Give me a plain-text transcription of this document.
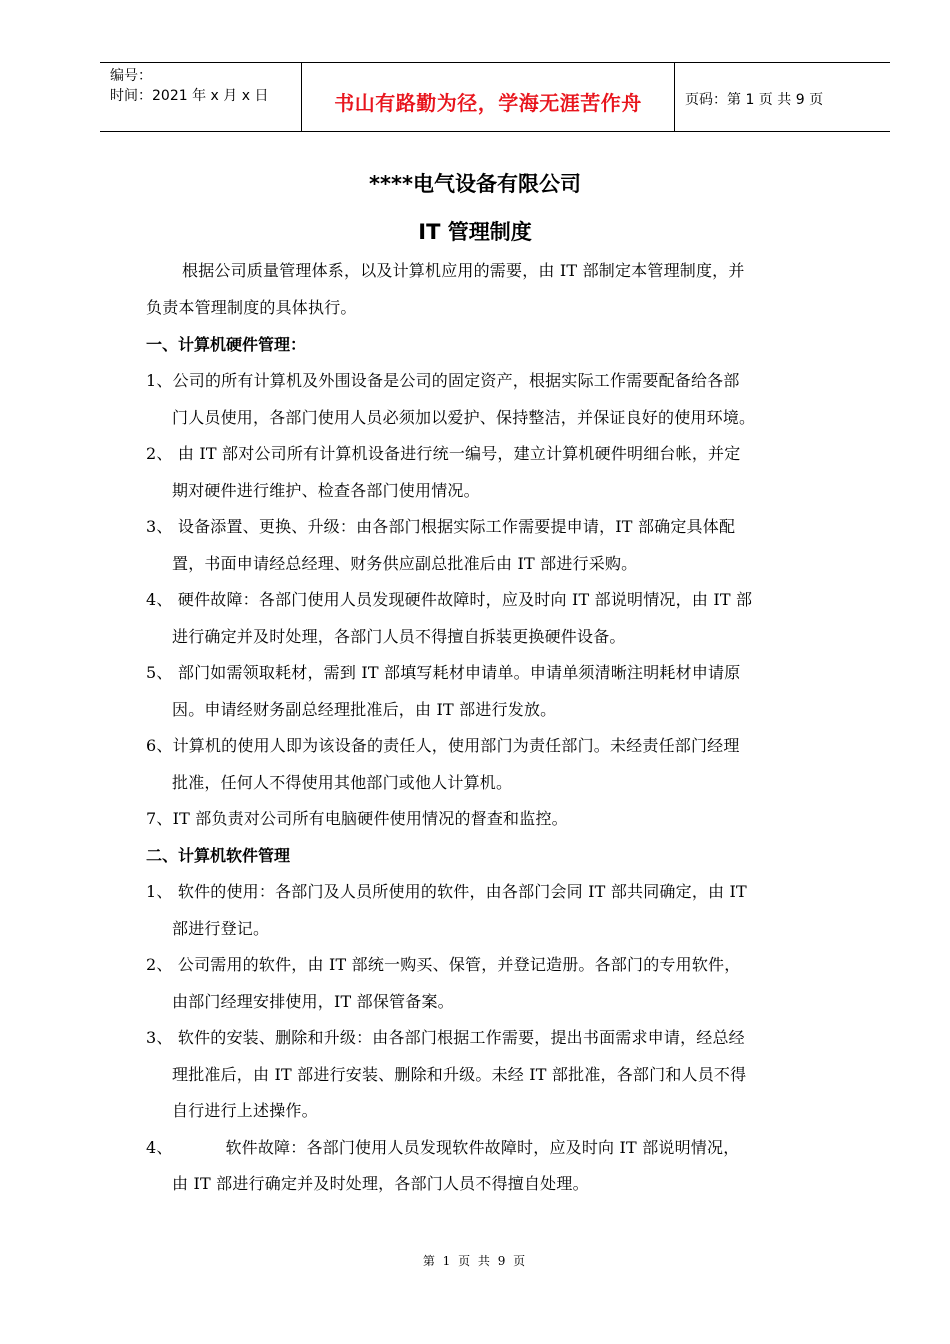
编号：
时间：2021 年 x 月 x 日	书山有路勤为径，学海无涯苦作舟	页码：第 1 页 共 9 页
****电气设备有限公司
IT 管理制度
根据公司质量管理体系，以及计算机应用的需要，由 IT 部制定本管理制度，并
负责本管理制度的具体执行。
一、计算机硬件管理：
1、公司的所有计算机及外围设备是公司的固定资产，根据实际工作需要配备给各部
门人员使用，各部门使用人员必须加以爱护、保持整洁，并保证良好的使用环境。
2、 由 IT 部对公司所有计算机设备进行统一编号，建立计算机硬件明细台帐，并定
期对硬件进行维护、检查各部门使用情况。
3、 设备添置、更换、升级：由各部门根据实际工作需要提申请，IT 部确定具体配
置，书面申请经总经理、财务供应副总批准后由 IT 部进行采购。
4、 硬件故障：各部门使用人员发现硬件故障时，应及时向 IT 部说明情况，由 IT 部
进行确定并及时处理，各部门人员不得擅自拆装更换硬件设备。
5、 部门如需领取耗材，需到 IT 部填写耗材申请单。申请单须清晰注明耗材申请原
因。申请经财务副总经理批准后，由 IT 部进行发放。
6、计算机的使用人即为该设备的责任人，使用部门为责任部门。未经责任部门经理
批准，任何人不得使用其他部门或他人计算机。
7、IT 部负责对公司所有电脑硬件使用情况的督查和监控。
二、计算机软件管理
1、 软件的使用：各部门及人员所使用的软件，由各部门会同 IT 部共同确定，由 IT
部进行登记。
2、 公司需用的软件，由 IT 部统一购买、保管，并登记造册。各部门的专用软件，
由部门经理安排使用，IT 部保管备案。
3、 软件的安装、删除和升级：由各部门根据工作需要，提出书面需求申请，经总经
理批准后，由 IT 部进行安装、删除和升级。未经 IT 部批准，各部门和人员不得
自行进行上述操作。
4、          软件故障：各部门使用人员发现软件故障时，应及时向 IT 部说明情况，
由 IT 部进行确定并及时处理，各部门人员不得擅自处理。
第 1 页 共 9 页
